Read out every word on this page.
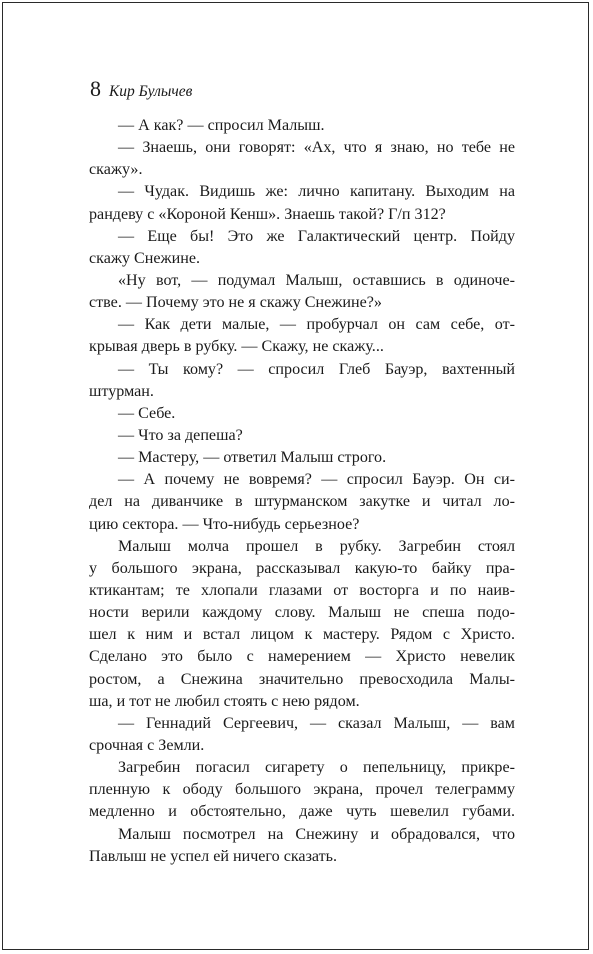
8 Кир Булычев
— А как? — спросил Малыш.
— Знаешь, они говорят: «Ах, что я знаю, но тебе не
скажу».
— Чудак. Видишь же: лично капитану. Выходим на
рандеву с «Короной Кенш». Знаешь такой? Г/п 312?
— Еще бы! Это же Галактический центр. Пойду
скажу Снежине.
«Ну вот, — подумал Малыш, оставшись в одиноче-
стве. — Почему это не я скажу Снежине?»
— Как дети малые, — пробурчал он сам себе, от-
крывая дверь в рубку. — Скажу, не скажу...
— Ты кому? — спросил Глеб Бауэр, вахтенный
штурман.
— Себе.
— Что за депеша?
— Мастеру, — ответил Малыш строго.
— А почему не вовремя? — спросил Бауэр. Он си-
дел на диванчике в штурманском закутке и читал ло-
цию сектора. — Что-нибудь серьезное?
Малыш молча прошел в рубку. Загребин стоял
у большого экрана, рассказывал какую-то байку пра-
ктикантам; те хлопали глазами от восторга и по наив-
ности верили каждому слову. Малыш не спеша подо-
шел к ним и встал лицом к мастеру. Рядом с Христо.
Сделано это было с намерением — Христо невелик
ростом, а Снежина значительно превосходила Малы-
ша, и тот не любил стоять с нею рядом.
— Геннадий Сергеевич, — сказал Малыш, — вам
срочная с Земли.
Загребин погасил сигарету о пепельницу, прикре-
пленную к ободу большого экрана, прочел телеграмму
медленно и обстоятельно, даже чуть шевелил губами.
Малыш посмотрел на Снежину и обрадовался, что
Павлыш не успел ей ничего сказать.
